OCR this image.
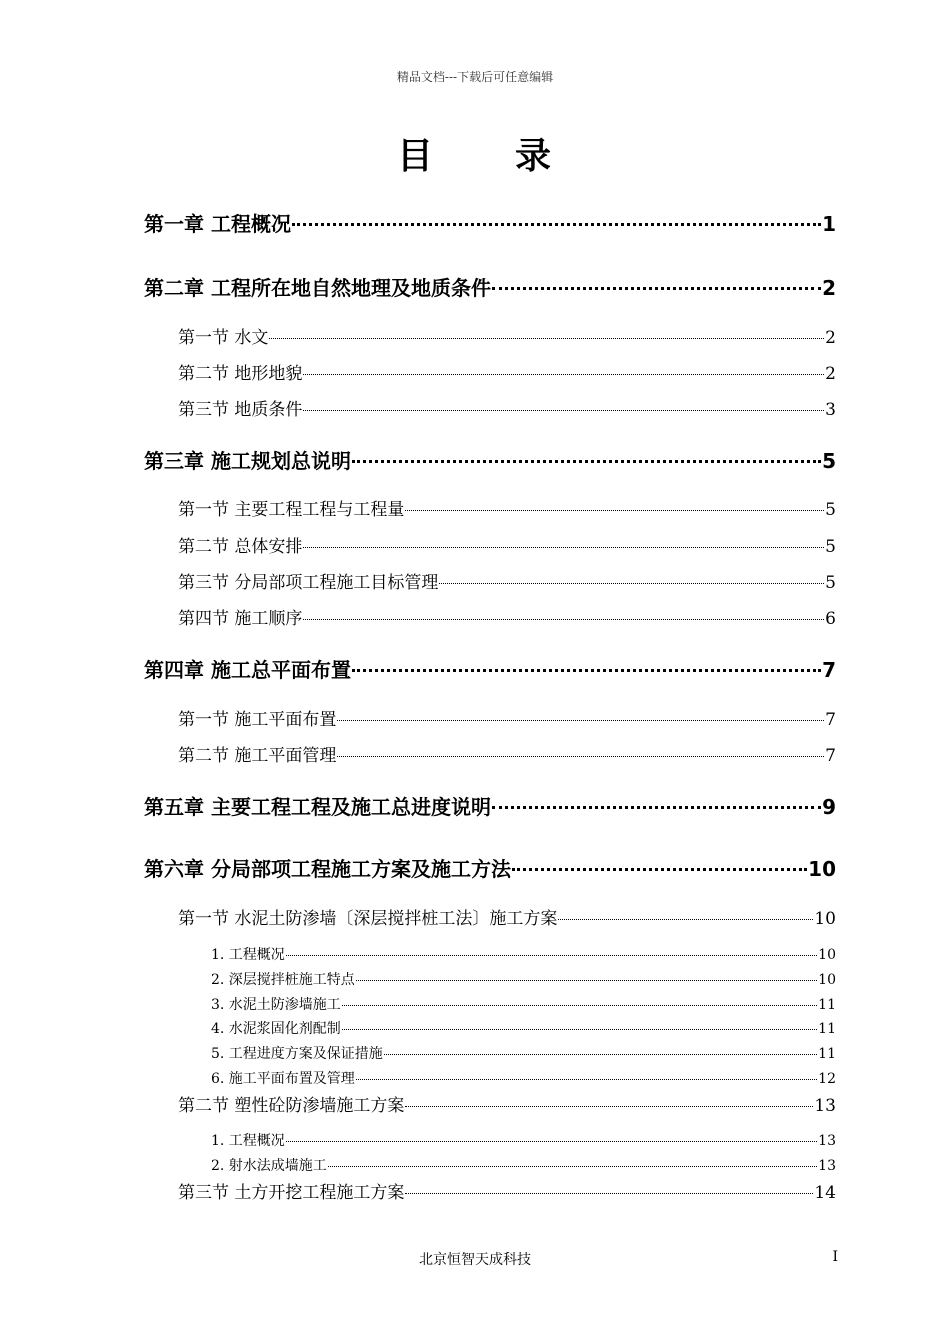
精品文档---下载后可任意编辑
目 录
第一章 工程概况	1
第二章 工程所在地自然地理及地质条件	2
第一节 水文	2
第二节 地形地貌	2
第三节 地质条件	3
第三章 施工规划总说明	5
第一节 主要工程工程与工程量	5
第二节 总体安排	5
第三节 分局部项工程施工目标管理	5
第四节 施工顺序	6
第四章 施工总平面布置	7
第一节 施工平面布置	7
第二节 施工平面管理	7
第五章 主要工程工程及施工总进度说明	9
第六章 分局部项工程施工方案及施工方法	10
第一节 水泥土防渗墙〔深层搅拌桩工法〕施工方案	10
1. 工程概况	10
2. 深层搅拌桩施工特点	10
3. 水泥土防渗墙施工	11
4. 水泥浆固化剂配制	11
5. 工程进度方案及保证措施	11
6. 施工平面布置及管理	12
第二节 塑性砼防渗墙施工方案	13
1. 工程概况	13
2. 射水法成墙施工	13
第三节 土方开挖工程施工方案	14
北京恒智天成科技	I
